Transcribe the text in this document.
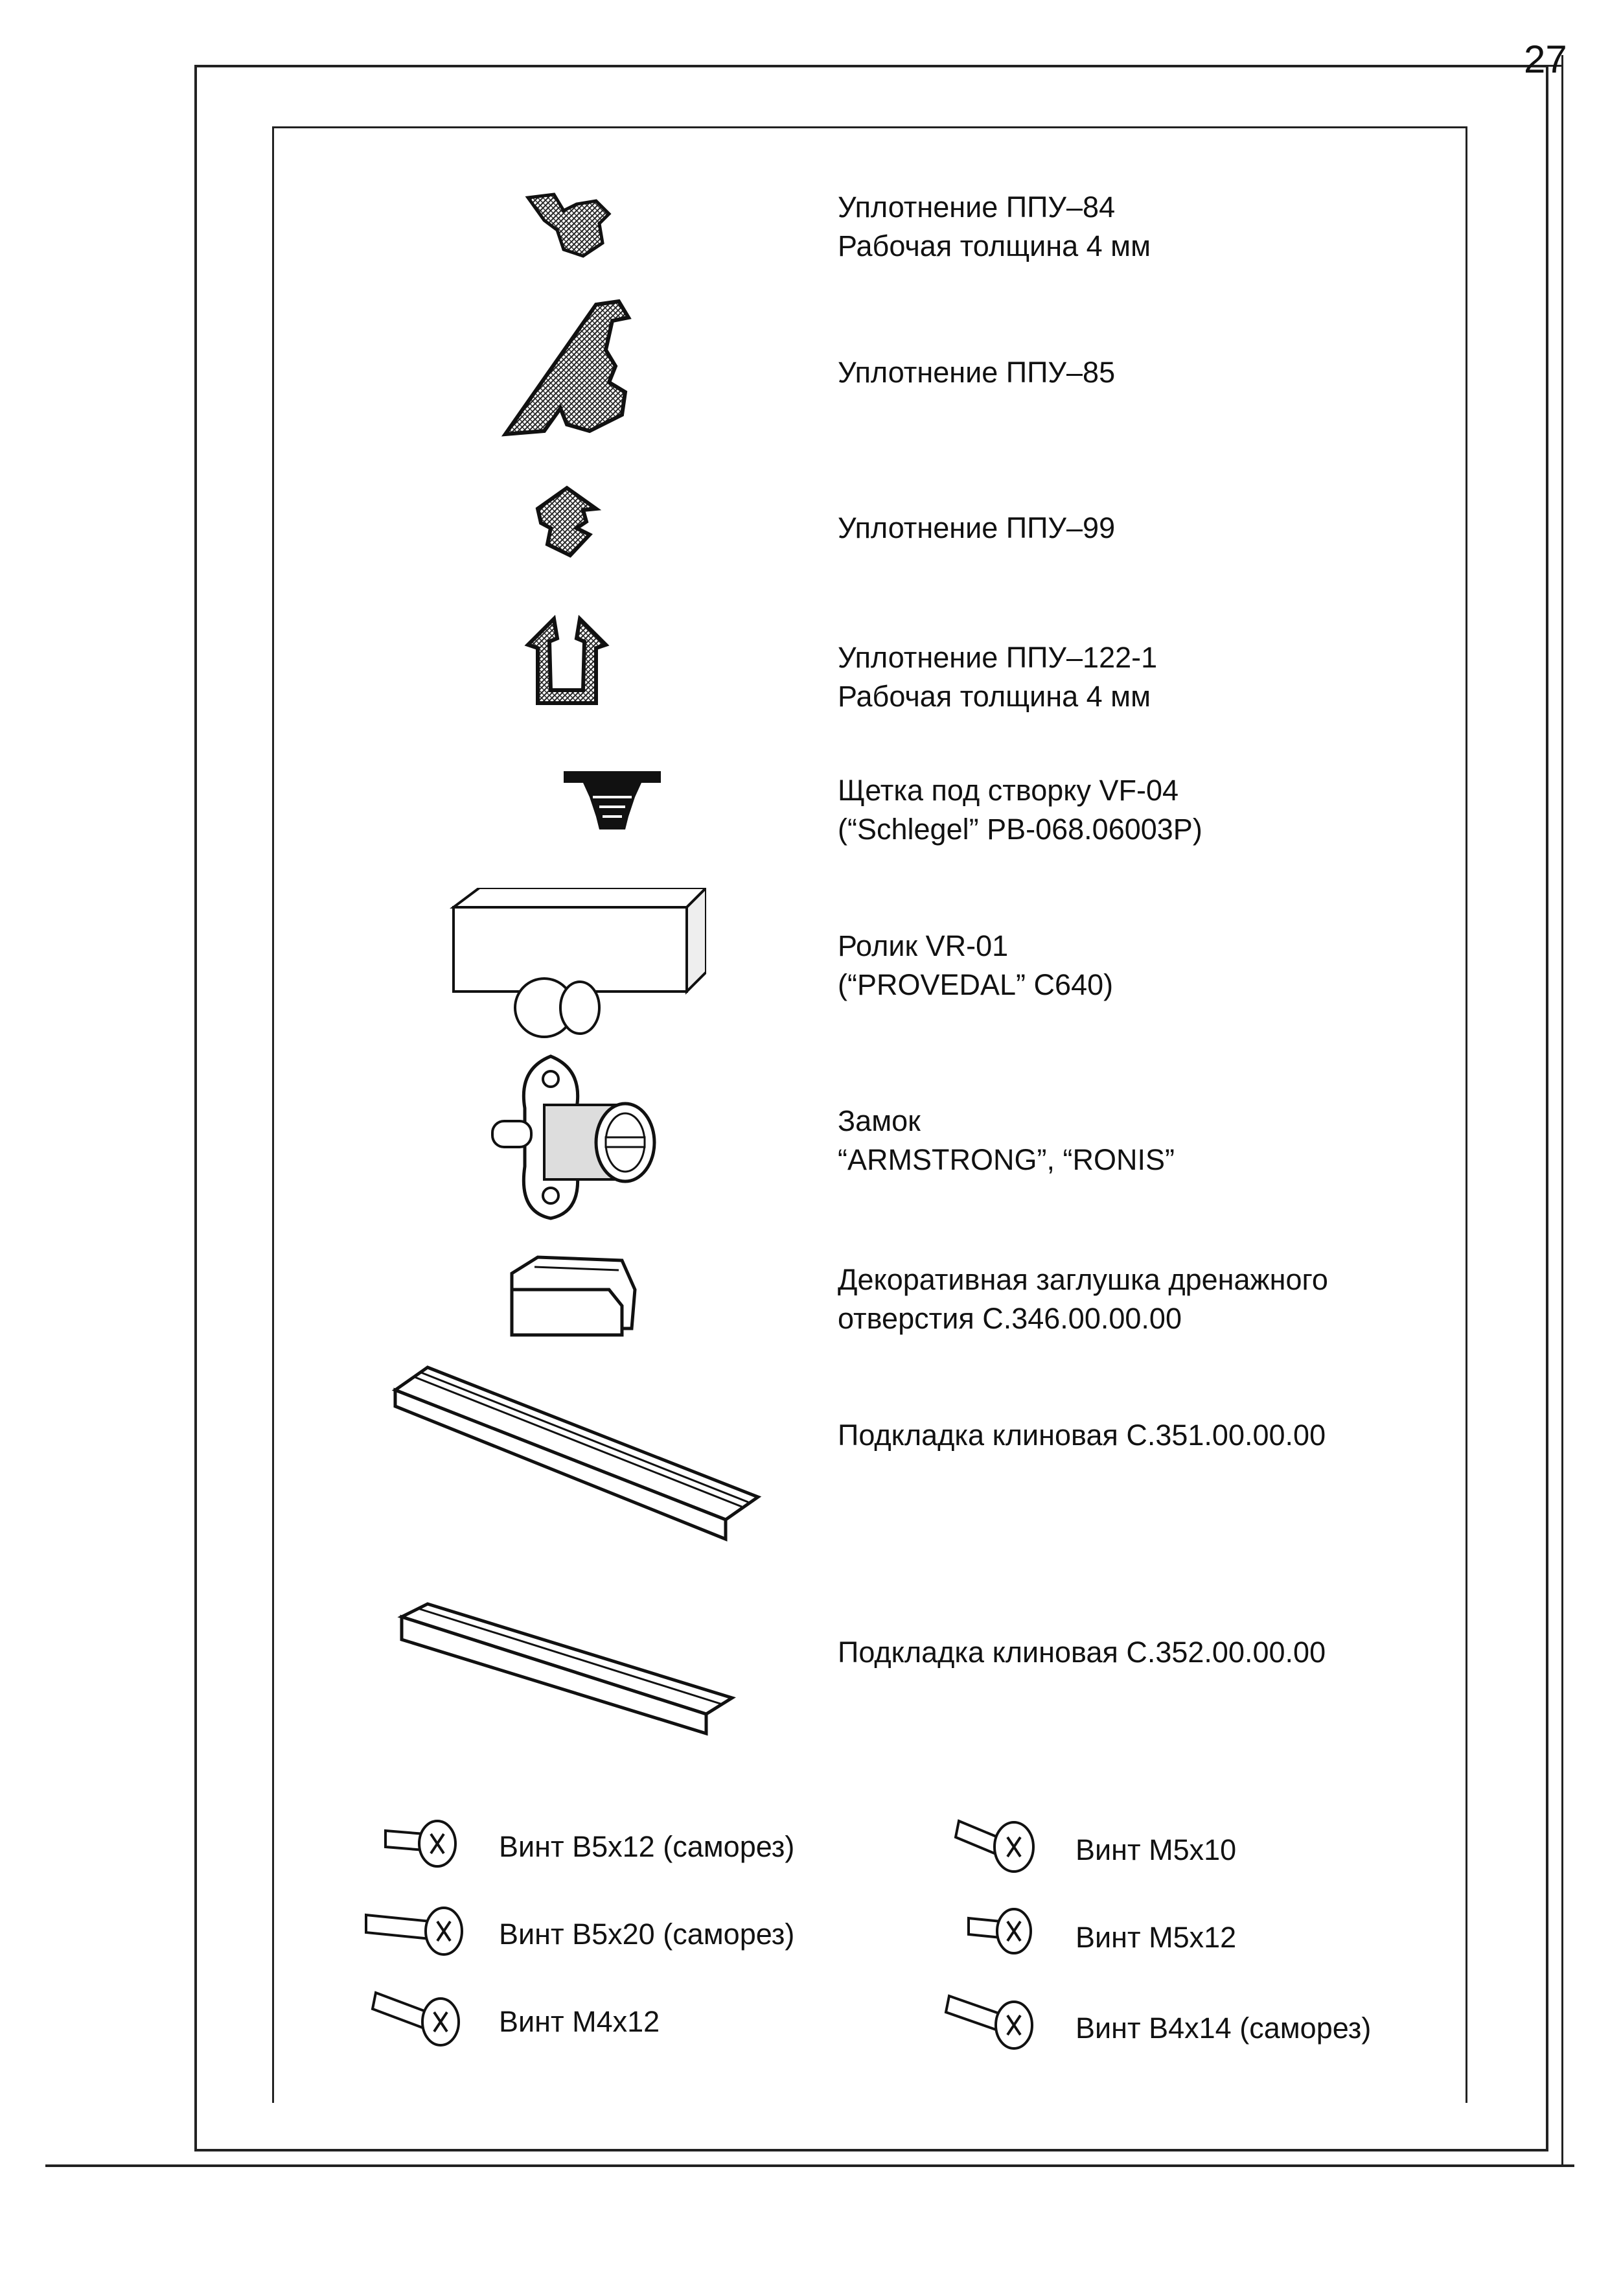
27
Уплотнение ППУ–84
Рабочая толщина 4 мм
Уплотнение ППУ–85
Уплотнение ППУ–99
Уплотнение ППУ–122-1
Рабочая толщина 4 мм
Щетка под створку VF-04
(“Schlegel” PB-068.06003P)
Ролик VR-01
(“PROVEDAL” C640)
Замок
“ARMSTRONG”, “RONIS”
Декоративная заглушка дренажного
отверстия С.346.00.00.00
Подкладка клиновая С.351.00.00.00
Подкладка клиновая С.352.00.00.00
Винт В5х12 (саморез)	Винт М5х10
Винт В5х20 (саморез)	Винт М5х12
Винт М4х12	Винт В4х14 (саморез)
